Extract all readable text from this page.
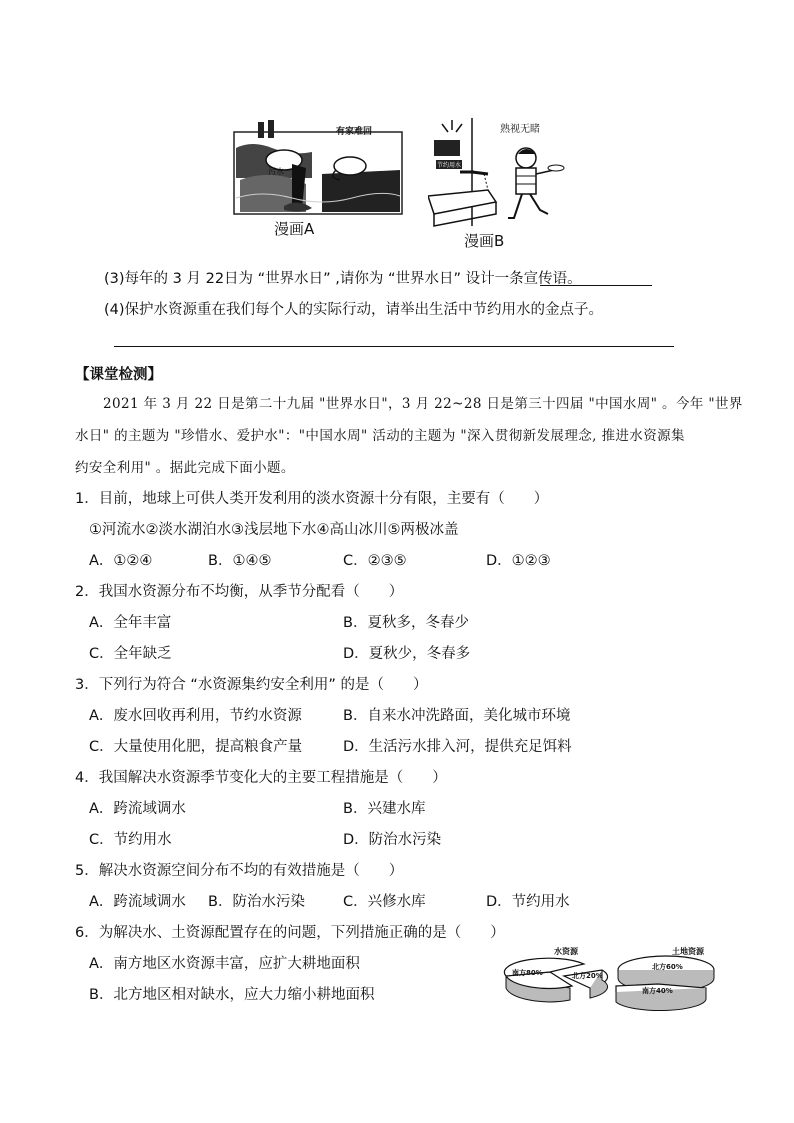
有家难回
污水
漫画A
熟视无睹
节约用水
漫画B
(3)每年的 3 月 22日为 “世界水日” ,请你为 “世界水日” 设计一条宣传语。
(4)保护水资源重在我们每个人的实际行动，请举出生活中节约用水的金点子。
【课堂检测】
2021 年 3 月 22 日是第二十九届 "世界水日"，3 月 22~28 日是第三十四届 "中国水周" 。今年 "世界
水日" 的主题为 "珍惜水、爱护水"："中国水周" 活动的主题为 "深入贯彻新发展理念, 推进水资源集
约安全利用" 。据此完成下面小题。
1．目前，地球上可供人类开发利用的淡水资源十分有限，主要有（　　）
①河流水②淡水湖泊水③浅层地下水④高山冰川⑤两极冰盖
A．①②④	B．①④⑤	C．②③⑤	D．①②③
2．我国水资源分布不均衡，从季节分配看（　　）
A．全年丰富	B．夏秋多，冬春少
C．全年缺乏	D．夏秋少，冬春多
3．下列行为符合 “水资源集约安全利用” 的是（　　）
A．废水回收再利用，节约水资源	B．自来水冲洗路面，美化城市环境
C．大量使用化肥，提高粮食产量	D．生活污水排入河，提供充足饵料
4．我国解决水资源季节变化大的主要工程措施是（　　）
A．跨流域调水	B．兴建水库
C．节约用水	D．防治水污染
5．解决水资源空间分布不均的有效措施是（　　）
A．跨流域调水 B．防治水污染	C．兴修水库	D．节约用水
6．为解决水、土资源配置存在的问题，下列措施正确的是（　　）
A．南方地区水资源丰富，应扩大耕地面积
B．北方地区相对缺水，应大力缩小耕地面积
水资源
南方80%	北方20%
土地资源
北方60%
南方40%
